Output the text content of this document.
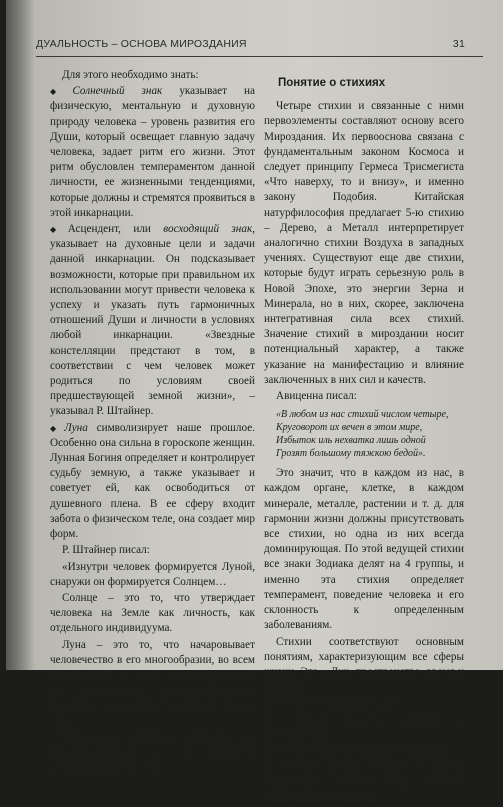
ДУАЛЬНОСТЬ – ОСНОВА МИРОЗДАНИЯ	31

Для этого необходимо знать:

◆ Солнечный знак указывает на физическую, ментальную и духовную природу человека – уровень развития его Души, который освещает главную задачу человека, задает ритм его жизни. Этот ритм обусловлен темпераментом данной личности, ее жизненными тенденциями, которые должны и стремятся проявиться в этой инкарнации.

◆ Асцендент, или восходящий знак, указывает на духовные цели и задачи данной инкарнации. Он подсказывает возможности, которые при правильном их использовании могут привести человека к успеху и указать путь гармоничных отношений Души и личности в условиях любой инкарнации. «Звездные констелляции предстают в том, в соответствии с чем человек может родиться по условиям своей предшествующей земной жизни», – указывал Р. Штайнер.

◆ Луна символизирует наше прошлое. Особенно она сильна в гороскопе женщин. Лунная Богиня определяет и контролирует судьбу земную, а также указывает и советует ей, как освободиться от душевного плена. В ее сферу входит забота о физическом теле, она создает мир форм.

Р. Штайнер писал:

«Изнутри человек формируется Луной, снаружи он формируется Солнцем…

Солнце – это то, что утверждает человека на Земле как личность, как отдельного индивидуума.

Луна – это то, что начаровывает человечество в его многообразии, во всем его развитии на Земле. Человеческий род как физическая последовательность поколений – результат действия лунных сил.

Человек как отдельное существо, как индивидуальность – это результат действия солнечных сил».

Понятие о стихиях

Четыре стихии и связанные с ними первоэлементы составляют основу всего Мироздания. Их первооснова связана с фундаментальным законом Космоса и следует принципу Гермеса Трисмегиста «Что наверху, то и внизу», и именно закону Подобия. Китайская натурфилософия предлагает 5-ю стихию – Дерево, а Металл интерпретирует аналогично стихии Воздуха в западных учениях. Существуют еще две стихии, которые будут играть серьезную роль в Новой Эпохе, это энергии Зерна и Минерала, но в них, скорее, заключена интегративная сила всех стихий. Значение стихий в мироздании носит потенциальный характер, а также указание на манифестацию и влияние заключенных в них сил и качеств.

Авиценна писал:

«В любом из нас стихий числом четыре,
Круговорот их вечен в этом мире,
Избыток иль нехватка лишь одной
Грозят большому тяжкою бедой».

Это значит, что в каждом из нас, в каждом органе, клетке, в каждом минерале, металле, растении и т. д. для гармонии жизни должны присутствовать все стихии, но одна из них всегда доминирующая. По этой ведущей стихии все знаки Зодиака делят на 4 группы, и именно эта стихия определяет темперамент, поведение человека и его склонность к определенным заболеваниям.

Стихии соответствуют основным понятиям, характеризующим все сферы жизни. Это – Дух, пространство, время и материя.

◆ Стихия Огня (Агни) – Дух.

◆ Стихия Воздуха (Вайю) – пространство.

◆ Стихия Земли (Притхиви) – материя.

◆ Стихия Воды (Апас) – время (выражение «много воды утекло» символизирует время).
